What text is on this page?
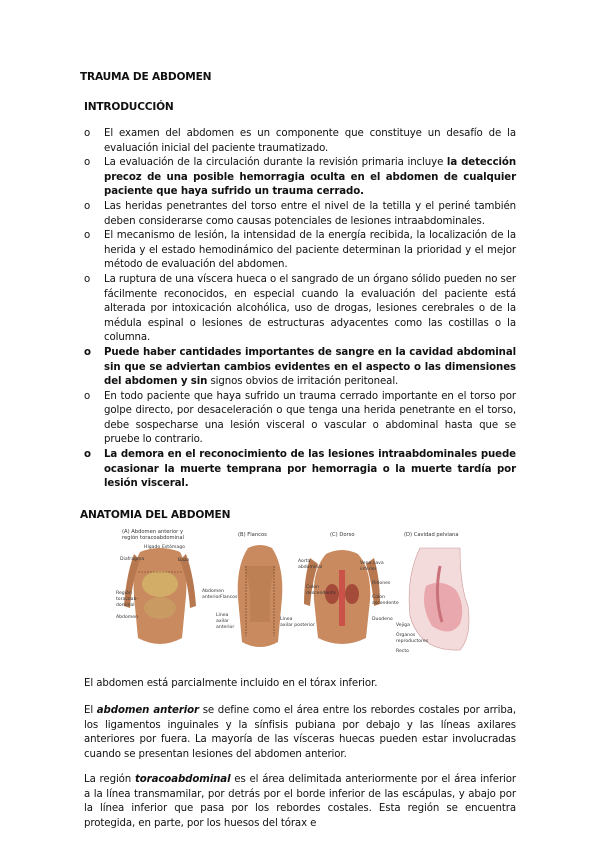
TRAUMA DE ABDOMEN
INTRODUCCIÓN
o El examen del abdomen es un componente que constituye un desafío de la evaluación inicial del paciente traumatizado.
o La evaluación de la circulación durante la revisión primaria incluye la detección precoz de una posible hemorragia oculta en el abdomen de cualquier paciente que haya sufrido un trauma cerrado.
o Las heridas penetrantes del torso entre el nivel de la tetilla y el periné también deben considerarse como causas potenciales de lesiones intraabdominales.
o El mecanismo de lesión, la intensidad de la energía recibida, la localización de la herida y el estado hemodinámico del paciente determinan la prioridad y el mejor método de evaluación del abdomen.
o La ruptura de una víscera hueca o el sangrado de un órgano sólido pueden no ser fácilmente reconocidos, en especial cuando la evaluación del paciente está alterada por intoxicación alcohólica, uso de drogas, lesiones cerebrales o de la médula espinal o lesiones de estructuras adyacentes como las costillas o la columna.
o Puede haber cantidades importantes de sangre en la cavidad abdominal sin que se adviertan cambios evidentes en el aspecto o las dimensiones del abdomen y sin signos obvios de irritación peritoneal.
o En todo paciente que haya sufrido un trauma cerrado importante en el torso por golpe directo, por desaceleración o que tenga una herida penetrante en el torso, debe sospecharse una lesión visceral o vascular o abdominal hasta que se pruebe lo contrario.
o La demora en el reconocimiento de las lesiones intraabdominales puede ocasionar la muerte temprana por hemorragia o la muerte tardía por lesión visceral.
ANATOMIA DEL ABDOMEN
(A) Abdomen anterior y
región toracoabdominal
Hígado Estómago
Diafragma	Bazo
Región
toracoab-
dominal
Abdomen
Abdomen
anterior
(B) Flancos
Flancos
Línea
axilar
anterior
Línea
axilar posterior
(C) Dorso
Aorta
abdominal
Vena cava
inferior
Riñones
Colon
descendente
Colon
ascendente
Duodeno
(D) Cavidad pelviana
Vejiga
Órganos
reproductores
Recto

El abdomen está parcialmente incluido en el tórax inferior.

El abdomen anterior se define como el área entre los rebordes costales por arriba, los ligamentos inguinales y la sínfisis pubiana por debajo y las líneas axilares anteriores por fuera. La mayoría de las vísceras huecas pueden estar involucradas cuando se presentan lesiones del abdomen anterior.

La región toracoabdominal es el área delimitada anteriormente por el área inferior a la línea transmamilar, por detrás por el borde inferior de las escápulas, y abajo por la línea inferior que pasa por los rebordes costales. Esta región se encuentra protegida, en parte, por los huesos del tórax e
